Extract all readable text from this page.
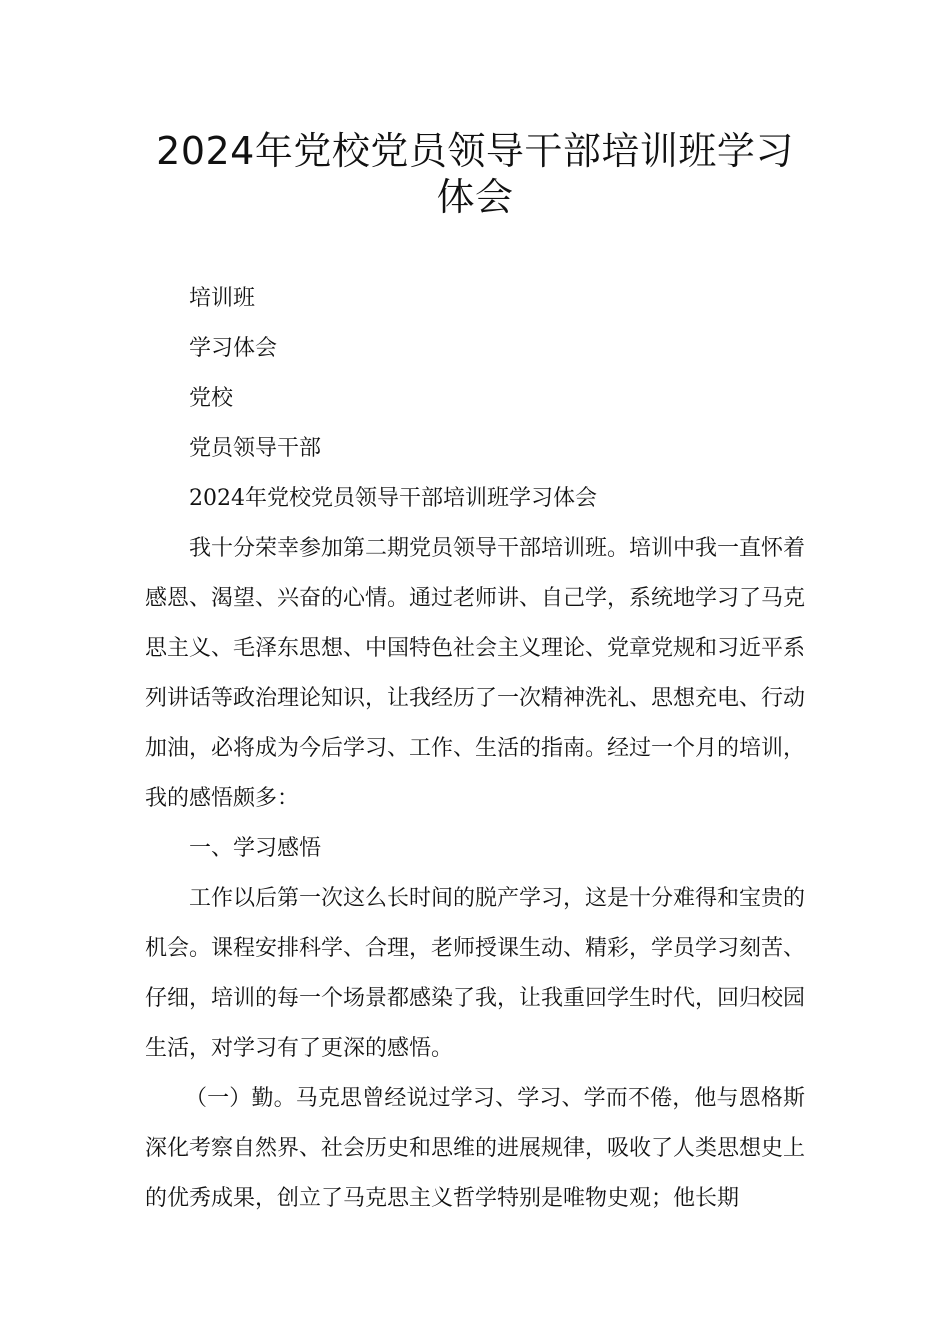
2024年党校党员领导干部培训班学习体会

培训班

学习体会

党校

党员领导干部

2024年党校党员领导干部培训班学习体会

我十分荣幸参加第二期党员领导干部培训班。培训中我一直怀着感恩、渴望、兴奋的心情。通过老师讲、自己学，系统地学习了马克思主义、毛泽东思想、中国特色社会主义理论、党章党规和习近平系列讲话等政治理论知识，让我经历了一次精神洗礼、思想充电、行动加油，必将成为今后学习、工作、生活的指南。经过一个月的培训，我的感悟颇多：

一、学习感悟

工作以后第一次这么长时间的脱产学习，这是十分难得和宝贵的机会。课程安排科学、合理，老师授课生动、精彩，学员学习刻苦、仔细，培训的每一个场景都感染了我，让我重回学生时代，回归校园生活，对学习有了更深的感悟。

（一）勤。马克思曾经说过学习、学习、学而不倦，他与恩格斯深化考察自然界、社会历史和思维的进展规律，吸收了人类思想史上的优秀成果，创立了马克思主义哲学特别是唯物史观；他长期
